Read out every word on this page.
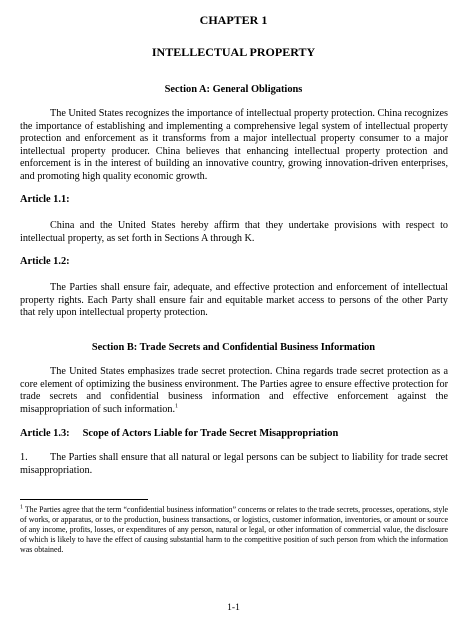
CHAPTER 1

INTELLECTUAL PROPERTY

Section A: General Obligations

The United States recognizes the importance of intellectual property protection. China recognizes the importance of establishing and implementing a comprehensive legal system of intellectual property protection and enforcement as it transforms from a major intellectual property consumer to a major intellectual property producer. China believes that enhancing intellectual property protection and enforcement is in the interest of building an innovative country, growing innovation-driven enterprises, and promoting high quality economic growth.

Article 1.1:

China and the United States hereby affirm that they undertake provisions with respect to intellectual property, as set forth in Sections A through K.

Article 1.2:

The Parties shall ensure fair, adequate, and effective protection and enforcement of intellectual property rights. Each Party shall ensure fair and equitable market access to persons of the other Party that rely upon intellectual property protection.

Section B: Trade Secrets and Confidential Business Information

The United States emphasizes trade secret protection. China regards trade secret protection as a core element of optimizing the business environment. The Parties agree to ensure effective protection for trade secrets and confidential business information and effective enforcement against the misappropriation of such information.$^1$

Article 1.3:     Scope of Actors Liable for Trade Secret Misappropriation

1. The Parties shall ensure that all natural or legal persons can be subject to liability for trade secret misappropriation.

$^1$ The Parties agree that the term “confidential business information” concerns or relates to the trade secrets, processes, operations, style of works, or apparatus, or to the production, business transactions, or logistics, customer information, inventories, or amount or source of any income, profits, losses, or expenditures of any person, natural or legal, or other information of commercial value, the disclosure of which is likely to have the effect of causing substantial harm to the competitive position of such person from which the information was obtained.

1-1
